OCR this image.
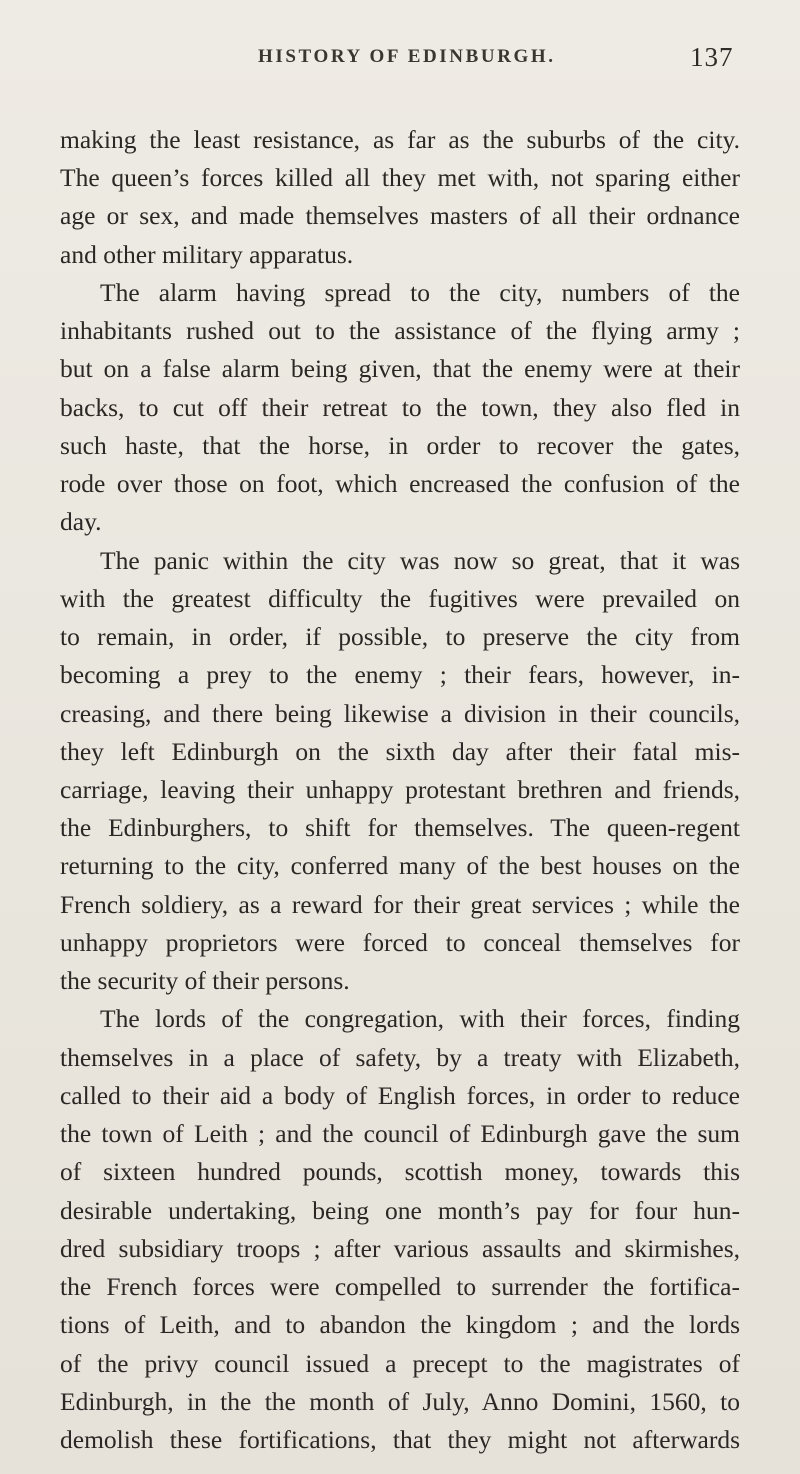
HISTORY OF EDINBURGH.	137
making the least resistance, as far as the suburbs of the city.
The queen’s forces killed all they met with, not sparing either
age or sex, and made themselves masters of all their ordnance
and other military apparatus.
The alarm having spread to the city, numbers of the
inhabitants rushed out to the assistance of the flying army ;
but on a false alarm being given, that the enemy were at their
backs, to cut off their retreat to the town, they also fled in
such haste, that the horse, in order to recover the gates,
rode over those on foot, which encreased the confusion of the
day.
The panic within the city was now so great, that it was
with the greatest difficulty the fugitives were prevailed on
to remain, in order, if possible, to preserve the city from
becoming a prey to the enemy ; their fears, however, in-
creasing, and there being likewise a division in their councils,
they left Edinburgh on the sixth day after their fatal mis-
carriage, leaving their unhappy protestant brethren and friends,
the Edinburghers, to shift for themselves. The queen-regent
returning to the city, conferred many of the best houses on the
French soldiery, as a reward for their great services ; while the
unhappy proprietors were forced to conceal themselves for
the security of their persons.
The lords of the congregation, with their forces, finding
themselves in a place of safety, by a treaty with Elizabeth,
called to their aid a body of English forces, in order to reduce
the town of Leith ; and the council of Edinburgh gave the sum
of sixteen hundred pounds, scottish money, towards this
desirable undertaking, being one month’s pay for four hun-
dred subsidiary troops ; after various assaults and skirmishes,
the French forces were compelled to surrender the fortifica-
tions of Leith, and to abandon the kingdom ; and the lords
of the privy council issued a precept to the magistrates of
Edinburgh, in the the month of July, Anno Domini, 1560, to
demolish these fortifications, that they might not afterwards
